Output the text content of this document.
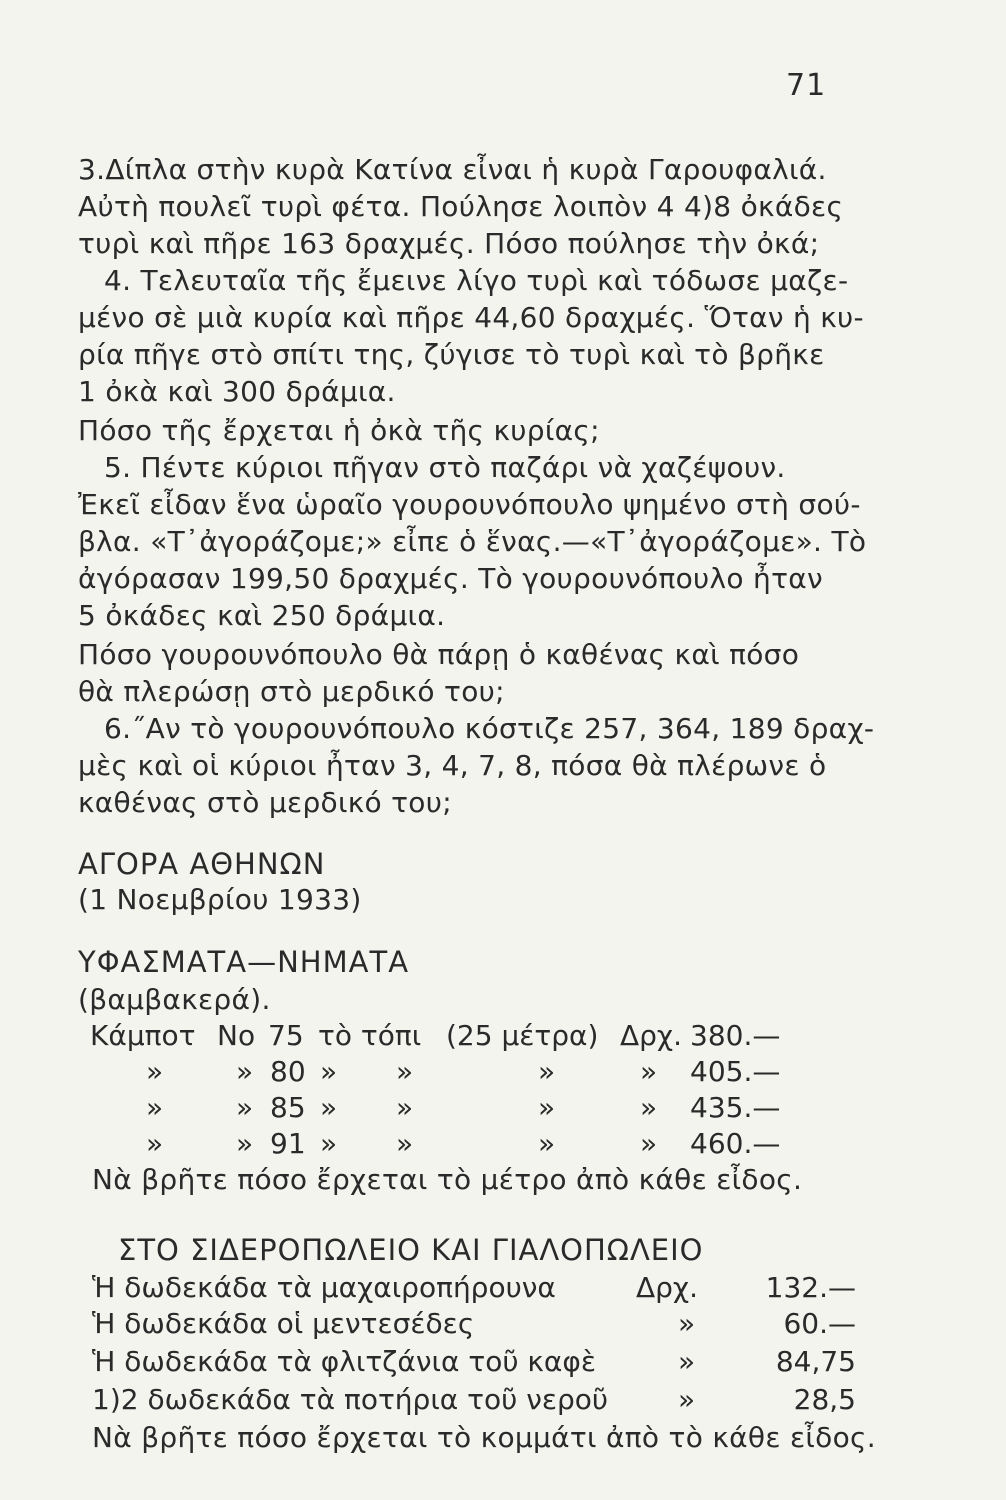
71
3.Δίπλα στὴν κυρὰ Κατίνα εἶναι ἡ κυρὰ Γαρουφαλιά.
Αὐτὴ πουλεῖ τυρὶ φέτα. Πούλησε λοιπὸν 4 4)8 ὀκάδες
τυρὶ καὶ πῆρε 163 δραχμές. Πόσο πούλησε τὴν ὀκά;
4. Τελευταῖα τῆς ἔμεινε λίγο τυρὶ καὶ τόδωσε μαζε-
μένο σὲ μιὰ κυρία καὶ πῆρε 44,60 δραχμές. Ὅταν ἡ κυ-
ρία πῆγε στὸ σπίτι της, ζύγισε τὸ τυρὶ καὶ τὸ βρῆκε
1 ὀκὰ καὶ 300 δράμια.
Πόσο τῆς ἔρχεται ἡ ὀκὰ τῆς κυρίας;
5. Πέντε κύριοι πῆγαν στὸ παζάρι νὰ χαζέψουν.
Ἐκεῖ εἶδαν ἕνα ὡραῖο γουρουνόπουλο ψημένο στὴ σού-
βλα. «Τ᾽ἀγοράζομε;» εἶπε ὁ ἕνας.—«Τ᾽ἀγοράζομε». Τὸ
ἀγόρασαν 199,50 δραχμές. Τὸ γουρουνόπουλο ἦταν
5 ὀκάδες καὶ 250 δράμια.
Πόσο γουρουνόπουλο θὰ πάρῃ ὁ καθένας καὶ πόσο
θὰ πλερώσῃ στὸ μερδικό του;
6.˝Αν τὸ γουρουνόπουλο κόστιζε 257, 364, 189 δραχ-
μὲς καὶ οἱ κύριοι ἦταν 3, 4, 7, 8, πόσα θὰ πλέρωνε ὁ
καθένας στὸ μερδικό του;
ΑΓΟΡΑ ΑΘΗΝΩΝ
(1 Νοεμβρίου 1933)
ΥΦΑΣΜΑΤΑ—ΝΗΜΑΤΑ
(βαμβακερά).
Κάμποτ No 75 τὸ τόπι (25 μέτρα) Δρχ. 380.—
»	» 80 » »	»	» 405.—
»	» 85 » »	»	» 435.—
»	» 91 » »	»	» 460.—
Νὰ βρῆτε πόσο ἔρχεται τὸ μέτρο ἀπὸ κάθε εἶδος.
ΣΤΟ ΣΙΔΕΡΟΠΩΛΕΙΟ ΚΑΙ ΓΙΑΛΟΠΩΛΕΙΟ
Ἡ δωδεκάδα τὰ μαχαιροπήρουνα	Δρχ.	132.—
Ἡ δωδεκάδα οἱ μεντεσέδες	»	60.—
Ἡ δωδεκάδα τὰ φλιτζάνια τοῦ καφὲ	»	84,75
1)2 δωδεκάδα τὰ ποτήρια τοῦ νεροῦ »	28,5
Νὰ βρῆτε πόσο ἔρχεται τὸ κομμάτι ἀπὸ τὸ κάθε εἶδος.
